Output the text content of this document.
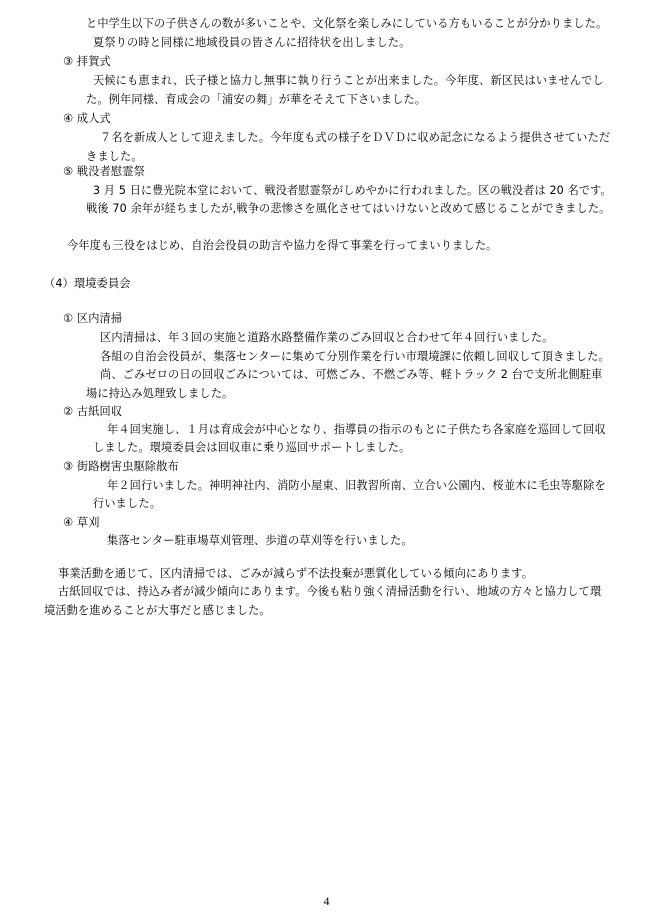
と中学生以下の子供さんの数が多いことや、文化祭を楽しみにしている方もいることが分かりました。
夏祭りの時と同様に地域役員の皆さんに招待状を出しました。
③ 拝賀式
天候にも恵まれ、氏子様と協力し無事に執り行うことが出来ました。今年度、新区民はいませんでし
た。例年同様、育成会の「浦安の舞」が華をそえて下さいました。
④ 成人式
７名を新成人として迎えました。今年度も式の様子をＤＶＤに収め記念になるよう提供させていただ
きました。
⑤ 戦没者慰霊祭
3 月 5 日に豊光院本堂において、戦没者慰霊祭がしめやかに行われました。区の戦没者は 20 名です。
戦後 70 余年が経ちましたが,戦争の悲惨さを風化させてはいけないと改めて感じることができました。
今年度も三役をはじめ、自治会役員の助言や協力を得て事業を行ってまいりました。
（4）環境委員会
① 区内清掃
区内清掃は、年３回の実施と道路水路整備作業のごみ回収と合わせて年４回行いました。
各組の自治会役員が、集落センターに集めて分別作業を行い市環境課に依頼し回収して頂きました。
尚、ごみゼロの日の回収ごみについては、可燃ごみ、不燃ごみ等、軽トラック 2 台で支所北側駐車
場に持込み処理致しました。
② 古紙回収
年４回実施し、１月は育成会が中心となり、指導員の指示のもとに子供たち各家庭を巡回して回収
しました。環境委員会は回収車に乗り巡回サポートしました。
③ 街路樹害虫駆除散布
年２回行いました。神明神社内、消防小屋東、旧教習所南、立合い公園内、桜並木に毛虫等駆除を
行いました。
④ 草刈
集落センター駐車場草刈管理、歩道の草刈等を行いました。
事業活動を通じて、区内清掃では、ごみが減らず不法投棄が悪質化している傾向にあります。
古紙回収では、持込み者が減少傾向にあります。今後も粘り強く清掃活動を行い、地域の方々と協力して環
境活動を進めることが大事だと感じました。
4
